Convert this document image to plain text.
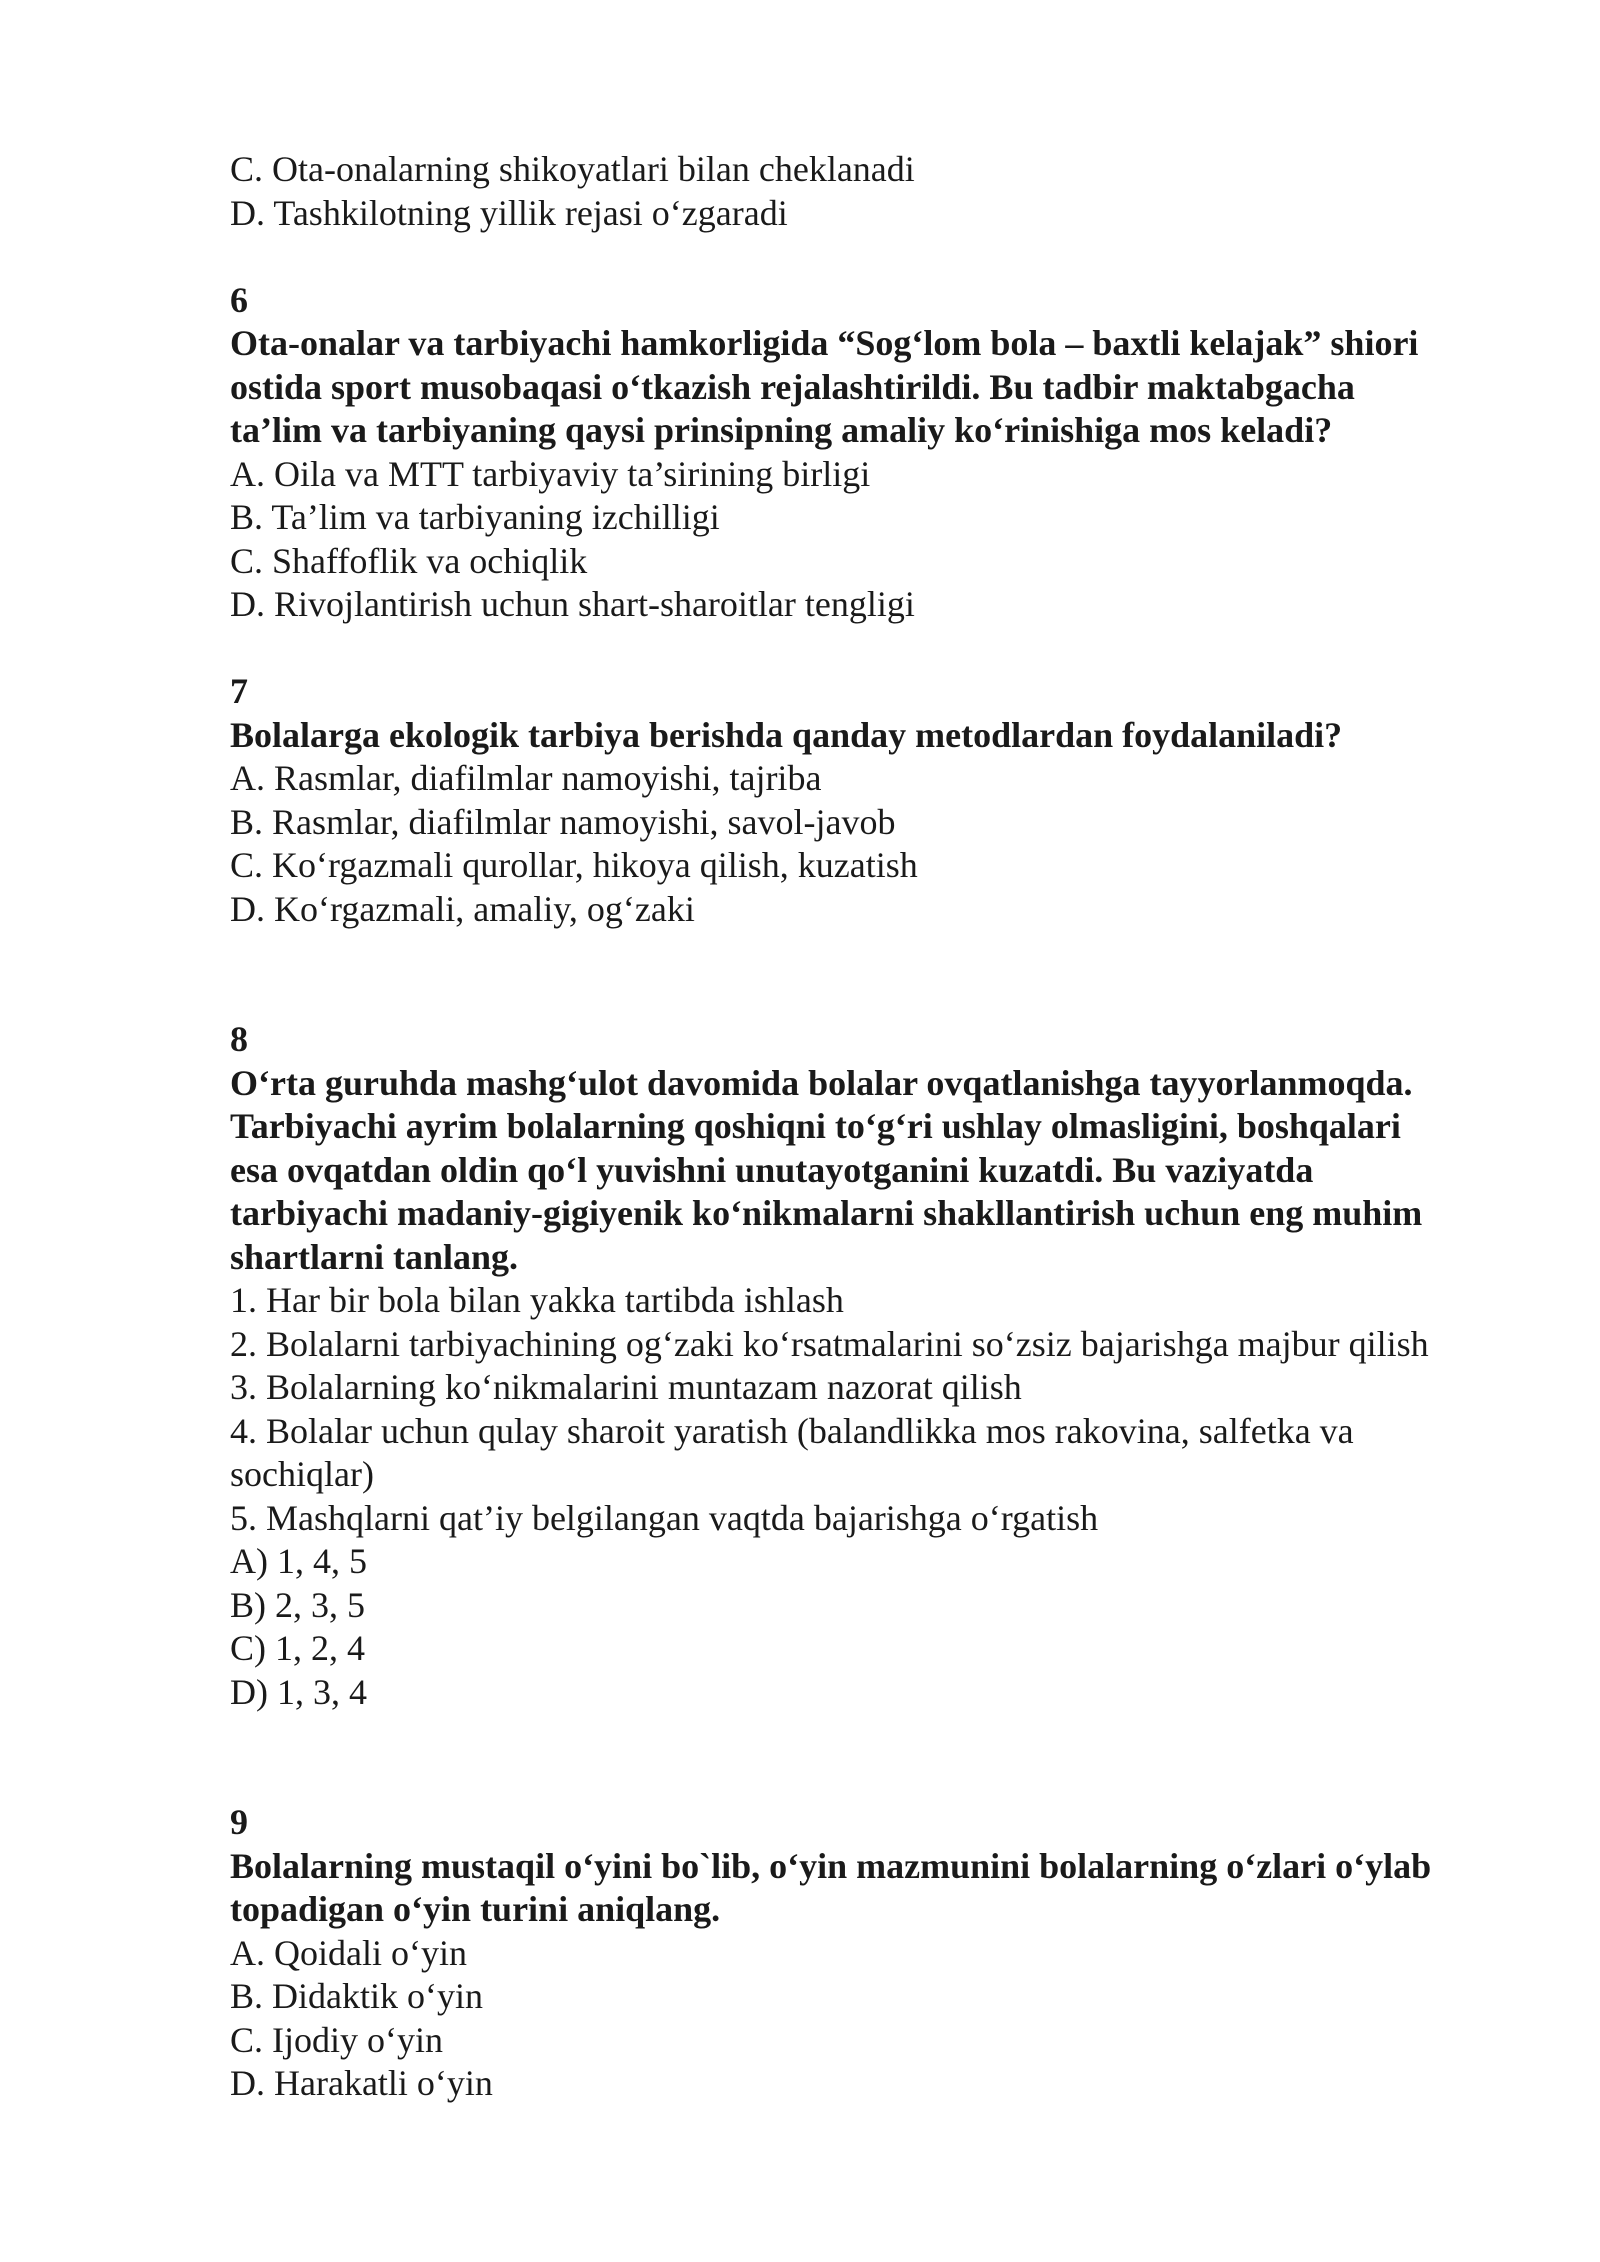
C. Ota-onalarning shikoyatlari bilan cheklanadi
D. Tashkilotning yillik rejasi o‘zgaradi
6
Ota-onalar va tarbiyachi hamkorligida “Sog‘lom bola – baxtli kelajak” shiori
ostida sport musobaqasi o‘tkazish rejalashtirildi. Bu tadbir maktabgacha
ta’lim va tarbiyaning qaysi prinsipning amaliy ko‘rinishiga mos keladi?
A. Oila va MTT tarbiyaviy ta’sirining birligi
B. Ta’lim va tarbiyaning izchilligi
C. Shaffoflik va ochiqlik
D. Rivojlantirish uchun shart-sharoitlar tengligi
7
Bolalarga ekologik tarbiya berishda qanday metodlardan foydalaniladi?
A. Rasmlar, diafilmlar namoyishi, tajriba
B. Rasmlar, diafilmlar namoyishi, savol-javob
C. Ko‘rgazmali qurollar, hikoya qilish, kuzatish
D. Ko‘rgazmali, amaliy, og‘zaki
8
O‘rta guruhda mashg‘ulot davomida bolalar ovqatlanishga tayyorlanmoqda.
Tarbiyachi ayrim bolalarning qoshiqni to‘g‘ri ushlay olmasligini, boshqalari
esa ovqatdan oldin qo‘l yuvishni unutayotganini kuzatdi. Bu vaziyatda
tarbiyachi madaniy-gigiyenik ko‘nikmalarni shakllantirish uchun eng muhim
shartlarni tanlang.
1. Har bir bola bilan yakka tartibda ishlash
2. Bolalarni tarbiyachining og‘zaki ko‘rsatmalarini so‘zsiz bajarishga majbur qilish
3. Bolalarning ko‘nikmalarini muntazam nazorat qilish
4. Bolalar uchun qulay sharoit yaratish (balandlikka mos rakovina, salfetka va
sochiqlar)
5. Mashqlarni qat’iy belgilangan vaqtda bajarishga o‘rgatish
A) 1, 4, 5
B) 2, 3, 5
C) 1, 2, 4
D) 1, 3, 4
9
Bolalarning mustaqil o‘yini bo`lib, o‘yin mazmunini bolalarning o‘zlari o‘ylab
topadigan o‘yin turini aniqlang.
A. Qoidali o‘yin
B. Didaktik o‘yin
C. Ijodiy o‘yin
D. Harakatli o‘yin
